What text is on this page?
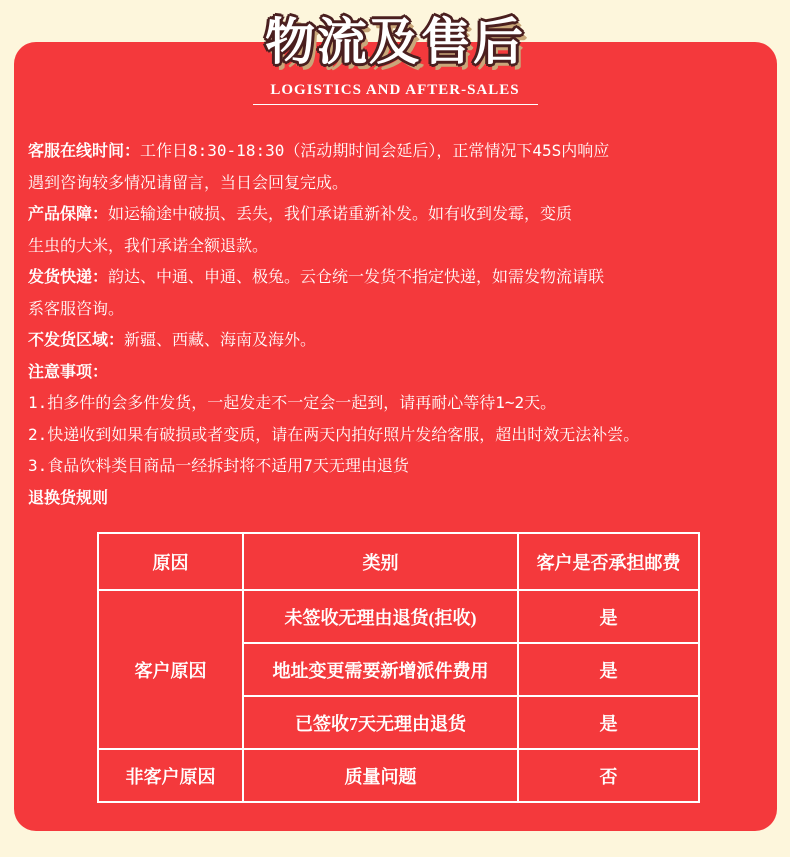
物流及售后
LOGISTICS AND AFTER-SALES
客服在线时间：工作日8:30-18:30（活动期时间会延后），正常情况下45S内响应
遇到咨询较多情况请留言，当日会回复完成。
产品保障：如运输途中破损、丢失，我们承诺重新补发。如有收到发霉，变质
生虫的大米，我们承诺全额退款。
发货快递：韵达、中通、申通、极兔。云仓统一发货不指定快递，如需发物流请联
系客服咨询。
不发货区域：新疆、西藏、海南及海外。
注意事项：
1.拍多件的会多件发货，一起发走不一定会一起到，请再耐心等待1~2天。
2.快递收到如果有破损或者变质，请在两天内拍好照片发给客服，超出时效无法补尝。
3.食品饮料类目商品一经拆封将不适用7天无理由退货
退换货规则
原因	类别	客户是否承担邮费
客户原因	未签收无理由退货(拒收)	是
	地址变更需要新增派件费用	是
	已签收7天无理由退货	是
非客户原因	质量问题	否
